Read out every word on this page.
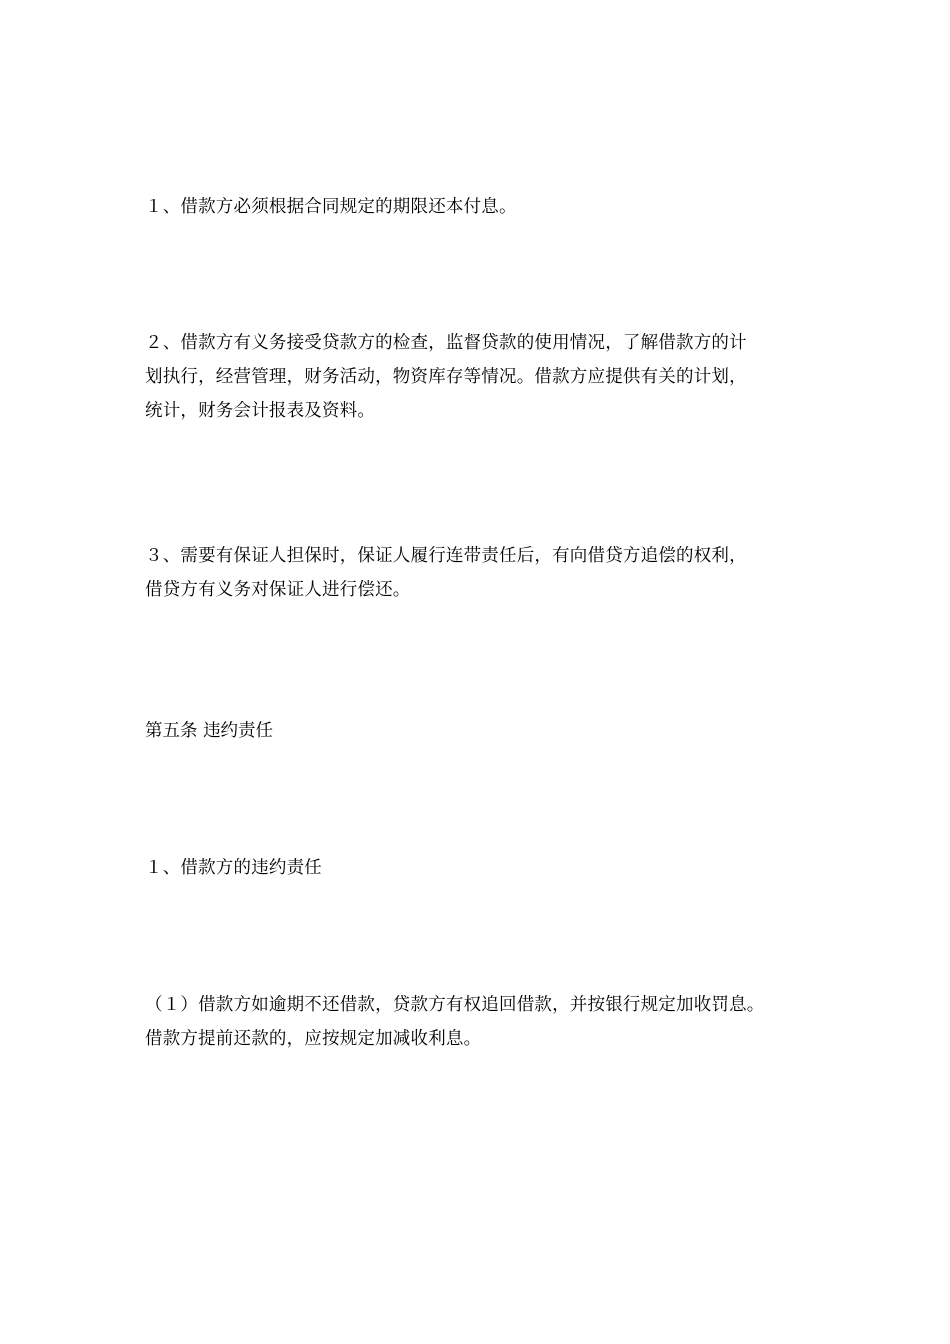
１、借款方必须根据合同规定的期限还本付息。

２、借款方有义务接受贷款方的检查，监督贷款的使用情况，了解借款方的计
划执行，经营管理，财务活动，物资库存等情况。借款方应提供有关的计划，
统计，财务会计报表及资料。

３、需要有保证人担保时，保证人履行连带责任后，有向借贷方追偿的权利，
借贷方有义务对保证人进行偿还。

第五条 违约责任

１、借款方的违约责任

（１）借款方如逾期不还借款，贷款方有权追回借款，并按银行规定加收罚息。
借款方提前还款的，应按规定加减收利息。
